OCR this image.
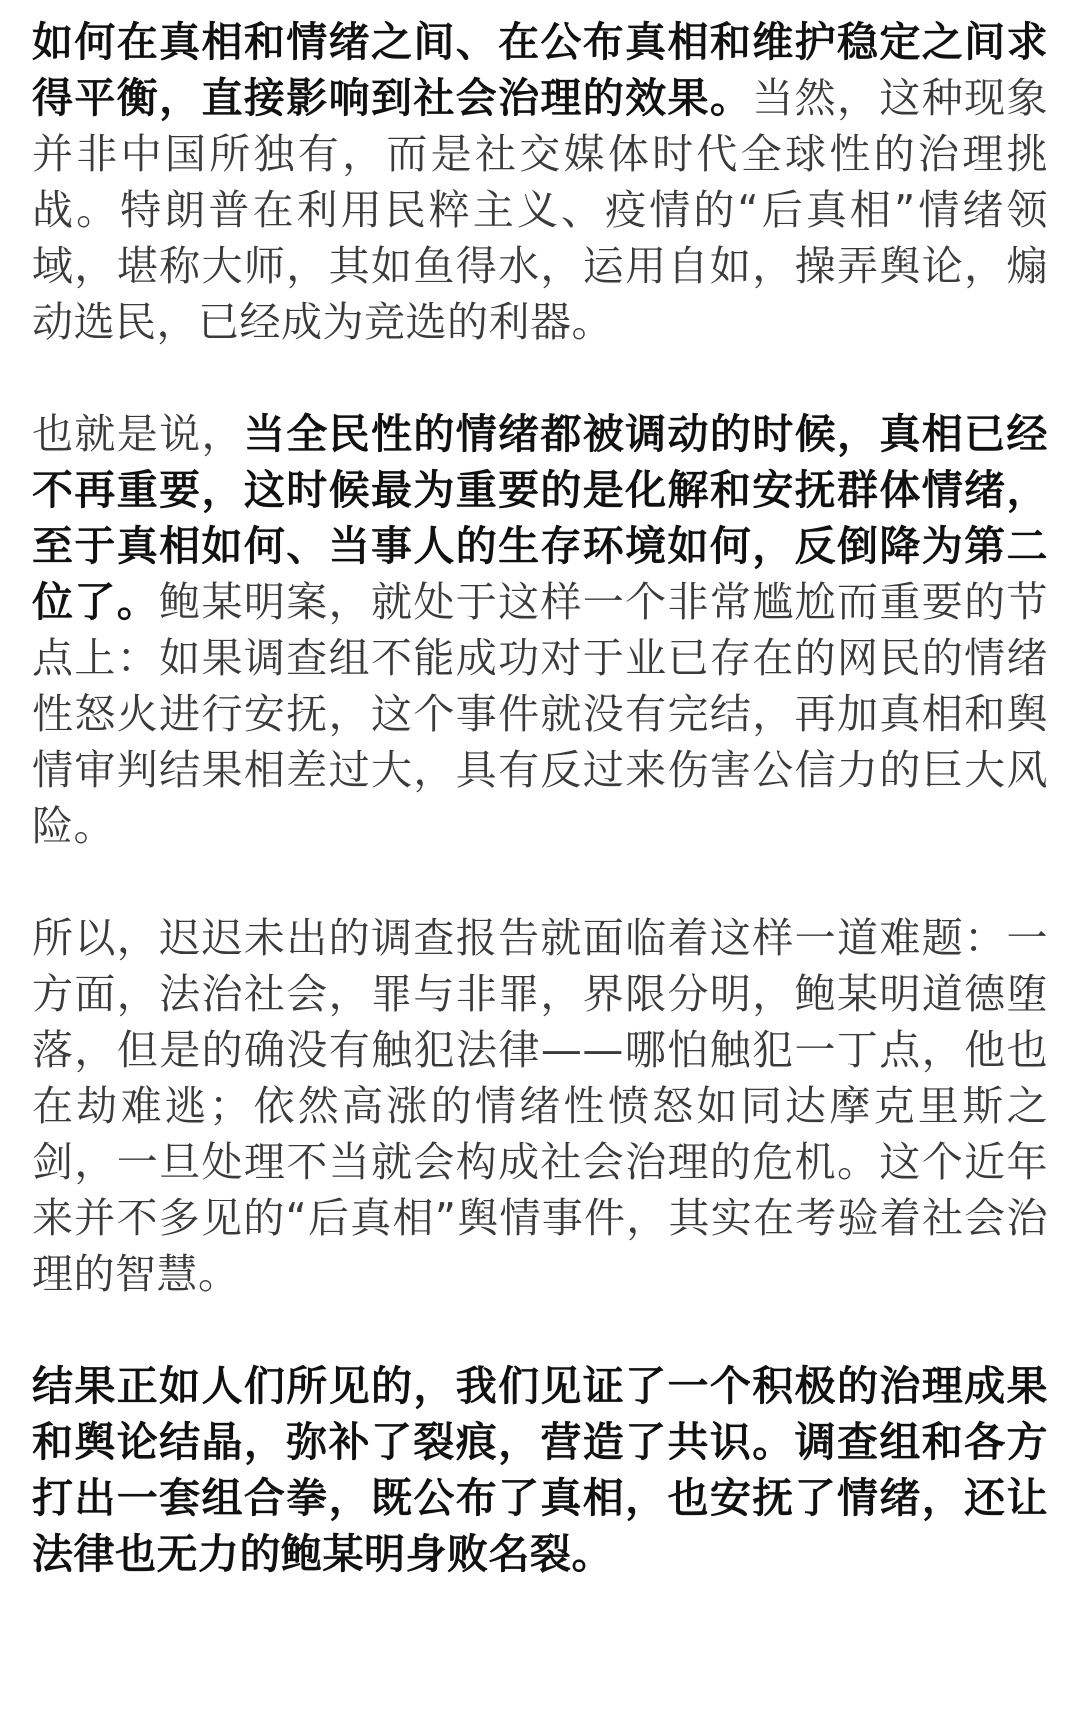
如何在真相和情绪之间、在公布真相和维护稳定之间求得平衡，直接影响到社会治理的效果。当然，这种现象并非中国所独有，而是社交媒体时代全球性的治理挑战。特朗普在利用民粹主义、疫情的“后真相”情绪领域，堪称大师，其如鱼得水，运用自如，操弄舆论，煽动选民，已经成为竞选的利器。

也就是说，当全民性的情绪都被调动的时候，真相已经不再重要，这时候最为重要的是化解和安抚群体情绪，至于真相如何、当事人的生存环境如何，反倒降为第二位了。鲍某明案，就处于这样一个非常尴尬而重要的节点上：如果调查组不能成功对于业已存在的网民的情绪性怒火进行安抚，这个事件就没有完结，再加真相和舆情审判结果相差过大，具有反过来伤害公信力的巨大风险。

所以，迟迟未出的调查报告就面临着这样一道难题：一方面，法治社会，罪与非罪，界限分明，鲍某明道德堕落，但是的确没有触犯法律——哪怕触犯一丁点，他也在劫难逃；依然高涨的情绪性愤怒如同达摩克里斯之剑，一旦处理不当就会构成社会治理的危机。这个近年来并不多见的“后真相”舆情事件，其实在考验着社会治理的智慧。

结果正如人们所见的，我们见证了一个积极的治理成果和舆论结晶，弥补了裂痕，营造了共识。调查组和各方打出一套组合拳，既公布了真相，也安抚了情绪，还让法律也无力的鲍某明身败名裂。
